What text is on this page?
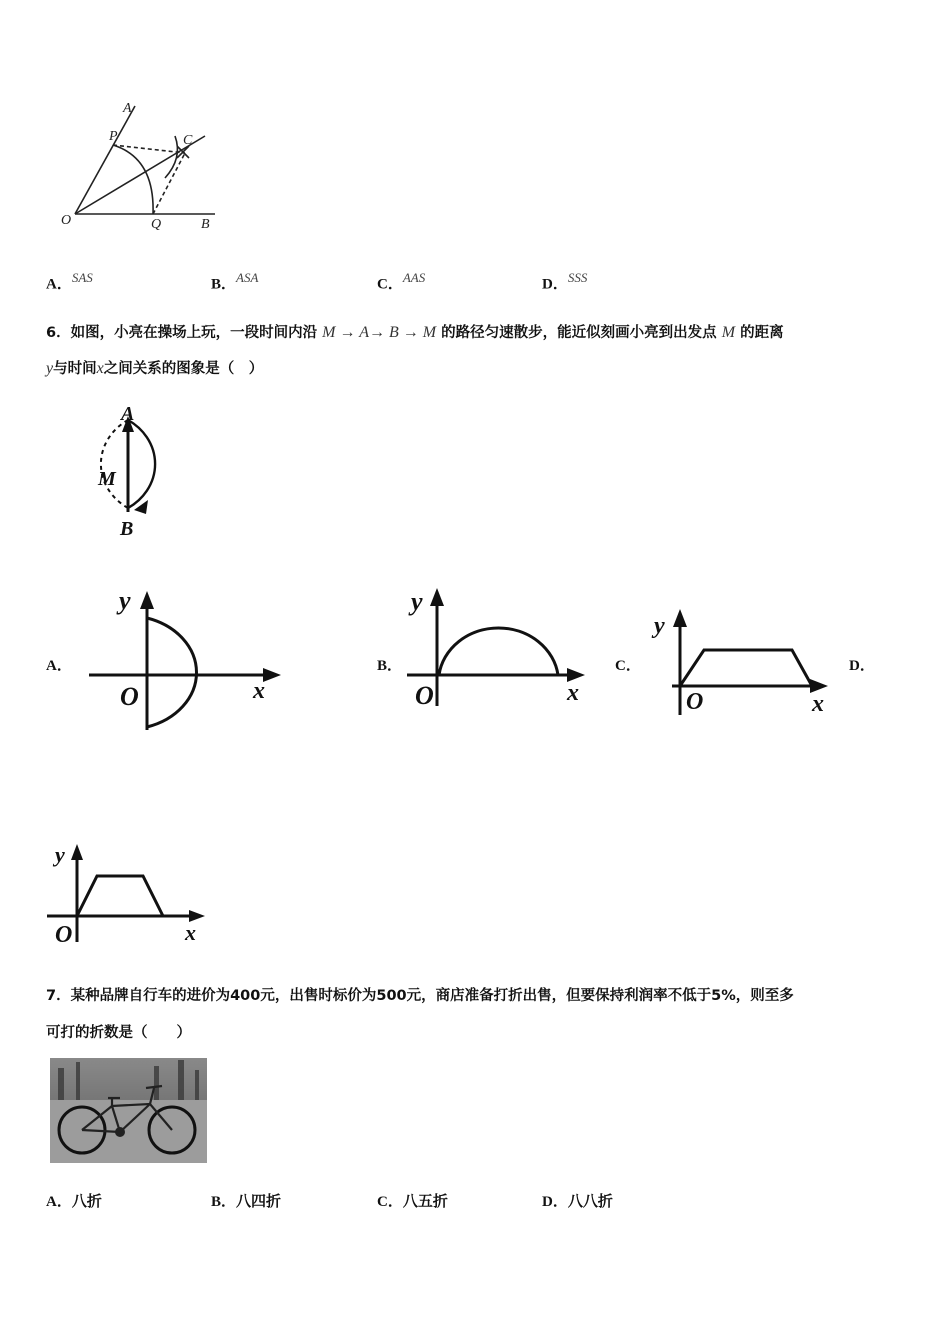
A
P	C
O	Q	B
A．$^{SAS}$	B．$^{ASA}$	C．$^{AAS}$	D．$^{SSS}$
6．如图，小亮在操场上玩，一段时间内沿 M → A→ B → M 的路径匀速散步，能近似刻画小亮到出发点 M 的距离
y与时间x之间关系的图象是（　）
A
M
B
A．
y
x
O
B．
y
x
O
C．
y
x
O
D．
y
x
O
7．某种品牌自行车的进价为400元，出售时标价为500元，商店准备打折出售，但要保持利润率不低于5%，则至多
可打的折数是（　　）
A．八折	B．八四折	C．八五折	D．八八折
